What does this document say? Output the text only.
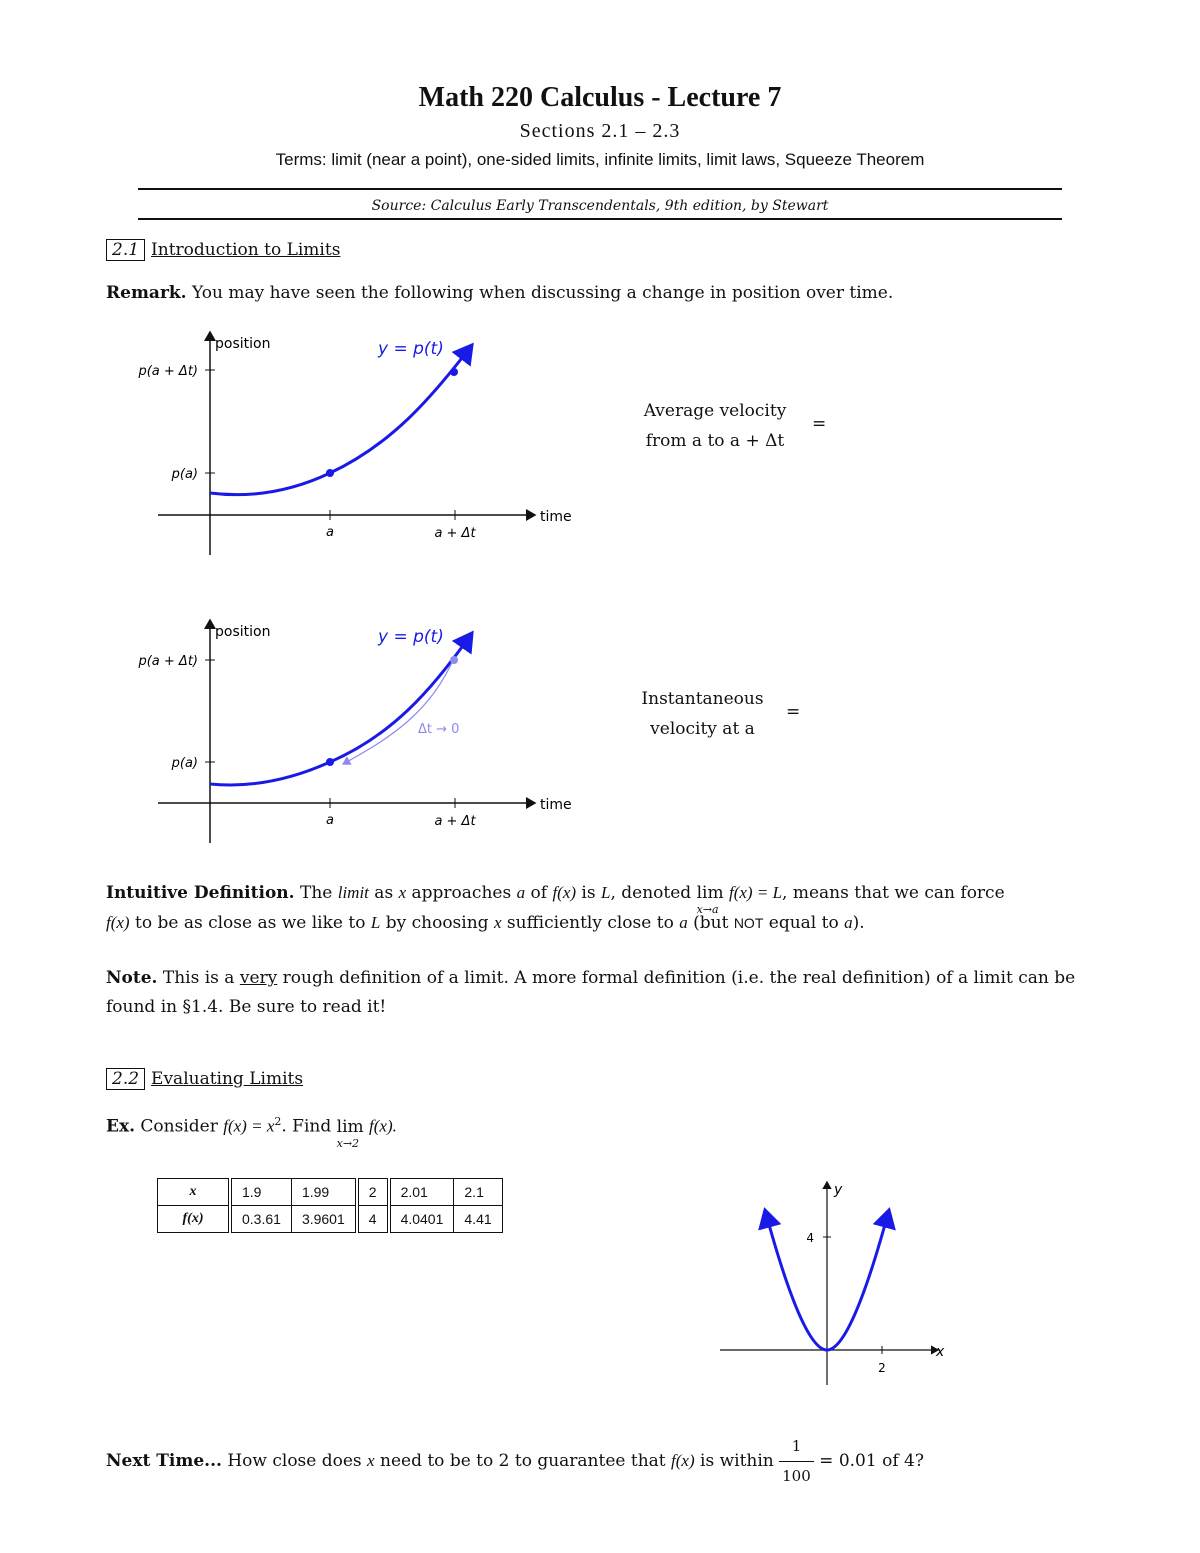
Math 220 Calculus - Lecture 7
Sections 2.1 – 2.3
Terms: limit (near a point), one-sided limits, infinite limits, limit laws, Squeeze Theorem
Source: Calculus Early Transcendentals, 9th edition, by Stewart
2.1 Introduction to Limits
Remark. You may have seen the following when discussing a change in position over time.
position
time
y = p(t)
p(a + Δt)
p(a)
a	a + Δt
Average velocity
from a to a + Δt
=
position
time
y = p(t)
p(a + Δt)
p(a)
a	a + Δt
Δt → 0
Instantaneous
velocity at a
=
Intuitive Definition. The limit as x approaches a of f(x) is L, denoted lim
x→a
f(x) = L, means that we can force
f(x) to be as close as we like to L by choosing x sufficiently close to a (but NOT equal to a).
Note. This is a very rough definition of a limit. A more formal definition (i.e. the real definition) of a limit can be found in §1.4. Be sure to read it!
2.2 Evaluating Limits
Ex. Consider $f(x) = x^2$. Find lim
x→2
f(x).
x	1.9	1.99	2	2.01	2.1
f(x)	0.3.61	3.9601	4	4.0401	4.41
y
x
4
2
Next Time... How close does x need to be to 2 to guarantee that f(x) is within $\frac{1}{100} = 0.01$ of 4?
